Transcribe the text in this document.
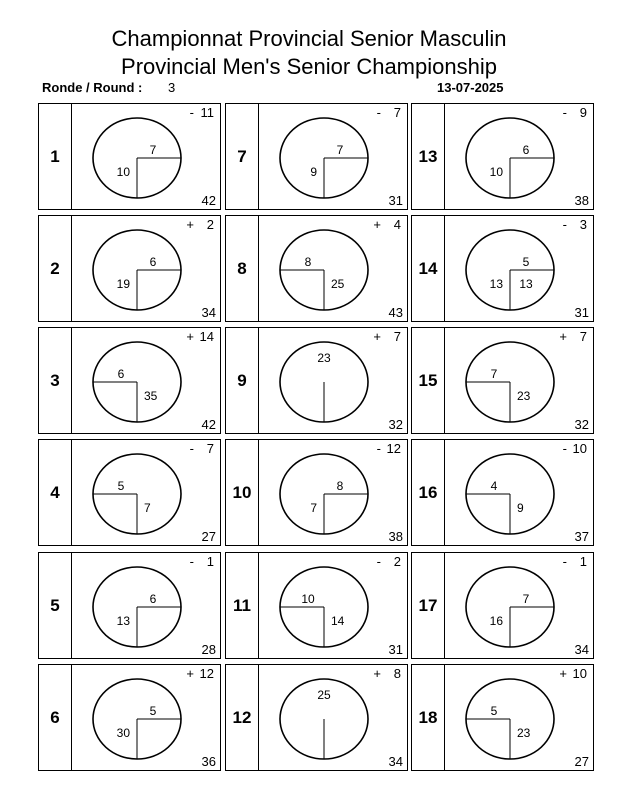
Championnat Provincial Senior Masculin
Provincial Men's Senior Championship
Ronde / Round : 3	13-07-2025
1
- 11
42
7
10
7
- 7
31
7
9
13
- 9
38
6
10
2
+ 2
34
6
19
8
+ 4
43
8
25
14
- 3
31
5
13 13
3
+ 14
42
6
35
9
+ 7
32
23
15
+ 7
32
7
23
4
- 7
27
5
7
10
- 12
38
8
7
16
- 10
37
4
9
5
- 1
28
6
13
11
- 2
31
10
14
17
- 1
34
7
16
6
+ 12
36
5
30
12
+ 8
34
25
18
+ 10
27
5
23
